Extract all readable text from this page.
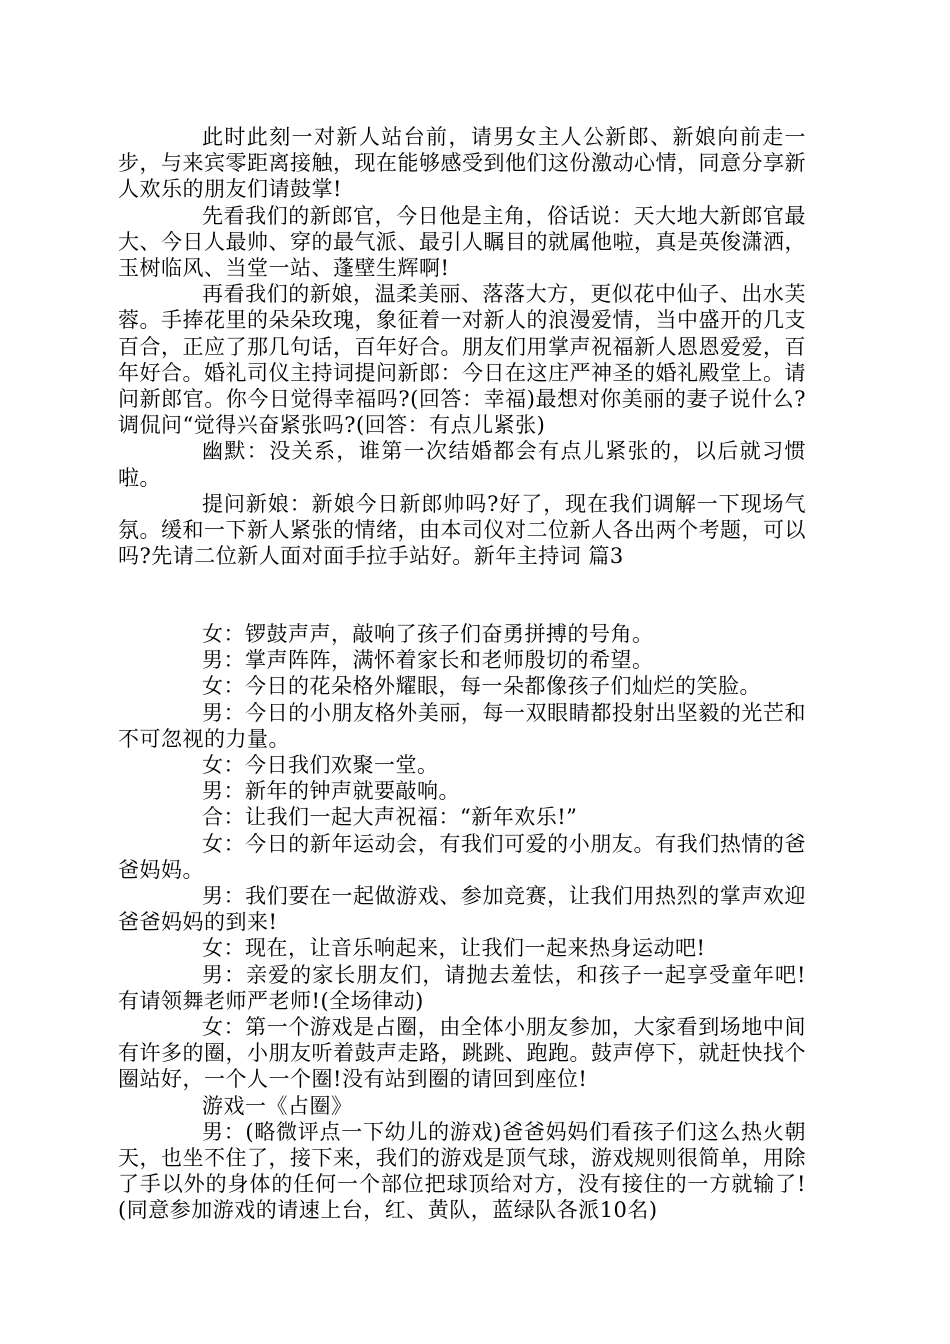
此时此刻一对新人站台前，请男女主人公新郎、新娘向前走一步，与来宾零距离接触，现在能够感受到他们这份激动心情，同意分享新人欢乐的朋友们请鼓掌!

先看我们的新郎官，今日他是主角，俗话说：天大地大新郎官最大、今日人最帅、穿的最气派、最引人瞩目的就属他啦，真是英俊潇洒，玉树临风、当堂一站、蓬壁生辉啊!

再看我们的新娘，温柔美丽、落落大方，更似花中仙子、出水芙蓉。手捧花里的朵朵玫瑰，象征着一对新人的浪漫爱情，当中盛开的几支百合，正应了那几句话，百年好合。朋友们用掌声祝福新人恩恩爱爱，百年好合。婚礼司仪主持词提问新郎：今日在这庄严神圣的婚礼殿堂上。请问新郎官。你今日觉得幸福吗?(回答：幸福)最想对你美丽的妻子说什么?调侃问“觉得兴奋紧张吗?(回答：有点儿紧张)

幽默：没关系，谁第一次结婚都会有点儿紧张的，以后就习惯啦。

提问新娘：新娘今日新郎帅吗?好了，现在我们调解一下现场气氛。缓和一下新人紧张的情绪，由本司仪对二位新人各出两个考题，可以吗?先请二位新人面对面手拉手站好。新年主持词 篇3

女：锣鼓声声，敲响了孩子们奋勇拼搏的号角。

男：掌声阵阵，满怀着家长和老师殷切的希望。

女：今日的花朵格外耀眼，每一朵都像孩子们灿烂的笑脸。

男：今日的小朋友格外美丽，每一双眼睛都投射出坚毅的光芒和不可忽视的力量。

女：今日我们欢聚一堂。

男：新年的钟声就要敲响。

合：让我们一起大声祝福：“新年欢乐!”

女：今日的新年运动会，有我们可爱的小朋友。有我们热情的爸爸妈妈。

男：我们要在一起做游戏、参加竞赛，让我们用热烈的掌声欢迎爸爸妈妈的到来!

女：现在，让音乐响起来，让我们一起来热身运动吧!

男：亲爱的家长朋友们，请抛去羞怯，和孩子一起享受童年吧!有请领舞老师严老师!(全场律动)

女：第一个游戏是占圈，由全体小朋友参加，大家看到场地中间有许多的圈，小朋友听着鼓声走路，跳跳、跑跑。鼓声停下，就赶快找个圈站好，一个人一个圈!没有站到圈的请回到座位!

游戏一《占圈》

男：(略微评点一下幼儿的游戏)爸爸妈妈们看孩子们这么热火朝天，也坐不住了，接下来，我们的游戏是顶气球，游戏规则很简单，用除了手以外的身体的任何一个部位把球顶给对方，没有接住的一方就输了!(同意参加游戏的请速上台，红、黄队，蓝绿队各派10名)
